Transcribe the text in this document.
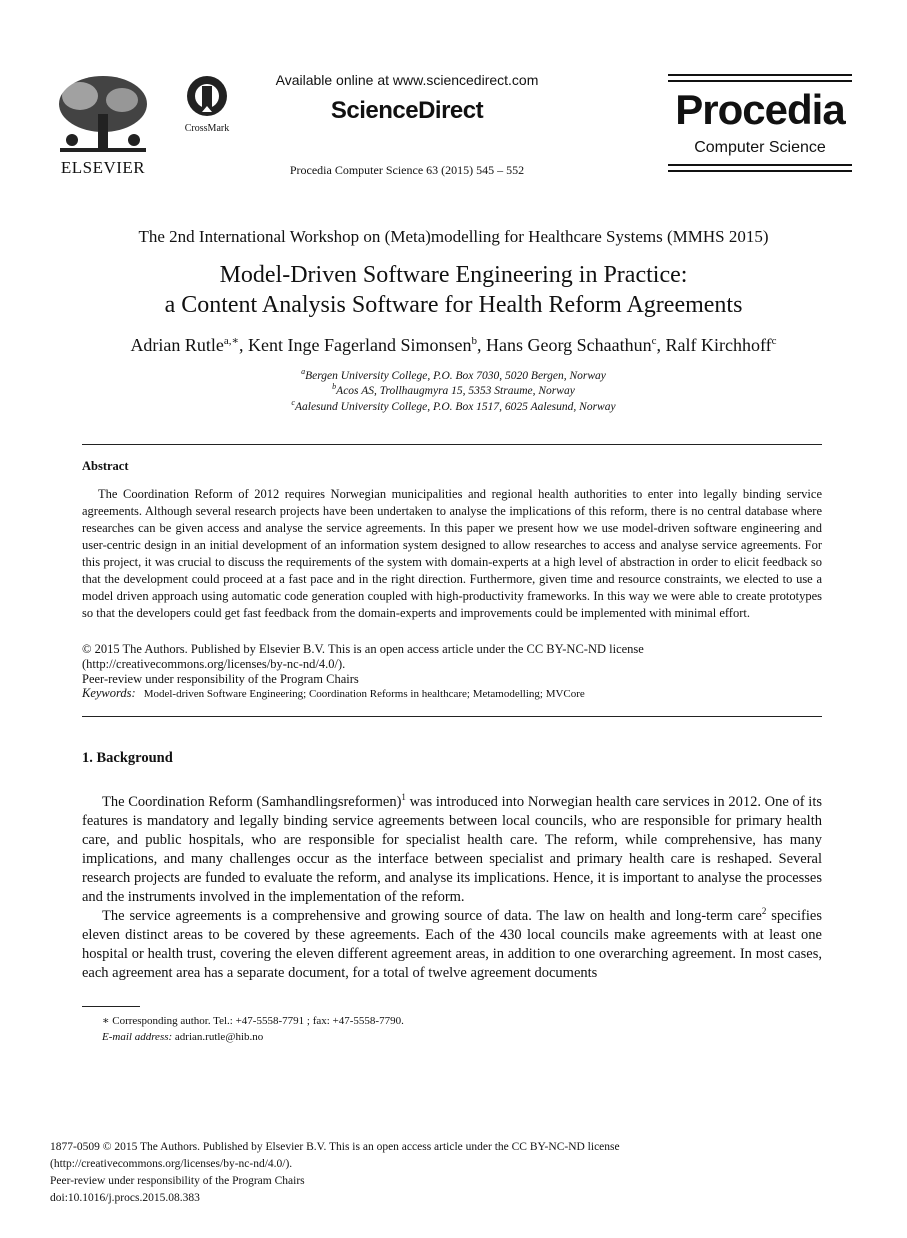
ELSEVIER
CrossMark
Available online at www.sciencedirect.com
ScienceDirect
Procedia Computer Science 63 (2015) 545 – 552
Procedia
Computer Science
The 2nd International Workshop on (Meta)modelling for Healthcare Systems (MMHS 2015)
Model-Driven Software Engineering in Practice:
a Content Analysis Software for Health Reform Agreements
Adrian Rutle$^{a,∗}$, Kent Inge Fagerland Simonsen$^b$, Hans Georg Schaathun$^c$, Ralf Kirchhoff$^c$
$^a$Bergen University College, P.O. Box 7030, 5020 Bergen, Norway
$^b$Acos AS, Trollhaugmyra 15, 5353 Straume, Norway
$^c$Aalesund University College, P.O. Box 1517, 6025 Aalesund, Norway
Abstract
The Coordination Reform of 2012 requires Norwegian municipalities and regional health authorities to enter into legally binding service agreements. Although several research projects have been undertaken to analyse the implications of this reform, there is no central database where researches can be given access and analyse the service agreements. In this paper we present how we use model-driven software engineering and user-centric design in an initial development of an information system designed to allow researches to access and analyse service agreements. For this project, it was crucial to discuss the requirements of the system with domain-experts at a high level of abstraction in order to elicit feedback so that the development could proceed at a fast pace and in the right direction. Furthermore, given time and resource constraints, we elected to use a model driven approach using automatic code generation coupled with high-productivity frameworks. In this way we were able to create prototypes so that the developers could get fast feedback from the domain-experts and improvements could be implemented with minimal effort.
© 2015 The Authors. Published by Elsevier B.V. This is an open access article under the CC BY-NC-ND license
(http://creativecommons.org/licenses/by-nc-nd/4.0/).
Peer-review under responsibility of the Program Chairs
Keywords: Model-driven Software Engineering; Coordination Reforms in healthcare; Metamodelling; MVCore
1. Background
The Coordination Reform (Samhandlingsreformen)$^1$ was introduced into Norwegian health care services in 2012. One of its features is mandatory and legally binding service agreements between local councils, who are responsible for primary health care, and public hospitals, who are responsible for specialist health care. The reform, while comprehensive, has many implications, and many challenges occur as the interface between specialist and primary health care is reshaped. Several research projects are funded to evaluate the reform, and analyse its implications. Hence, it is important to analyse the processes and the instruments involved in the implementation of the reform.
The service agreements is a comprehensive and growing source of data. The law on health and long-term care$^2$ specifies eleven distinct areas to be covered by these agreements. Each of the 430 local councils make agreements with at least one hospital or health trust, covering the eleven different agreement areas, in addition to one overarching agreement. In most cases, each agreement area has a separate document, for a total of twelve agreement documents
∗ Corresponding author. Tel.: +47-5558-7791 ; fax: +47-5558-7790.
E-mail address: adrian.rutle@hib.no
1877-0509 © 2015 The Authors. Published by Elsevier B.V. This is an open access article under the CC BY-NC-ND license
(http://creativecommons.org/licenses/by-nc-nd/4.0/).
Peer-review under responsibility of the Program Chairs
doi:10.1016/j.procs.2015.08.383
